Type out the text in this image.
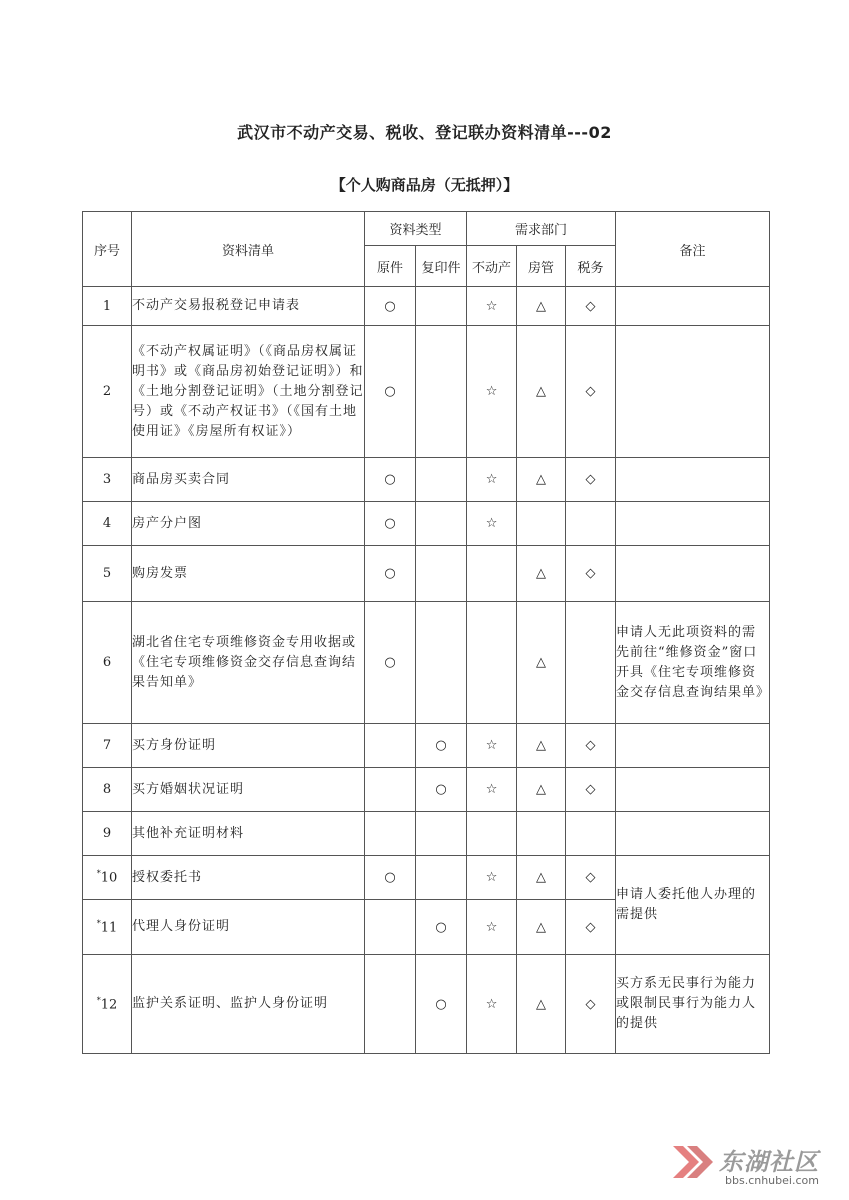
武汉市不动产交易、税收、登记联办资料清单---02
【个人购商品房（无抵押）】
序号	资料清单	资料类型		需求部门			备注
		原件	复印件	不动产	房管	税务	
1	不动产交易报税登记申请表	○		☆	△	◇	
2	《不动产权属证明》（《商品房权属证明书》或《商品房初始登记证明》）和《土地分割登记证明》（土地分割登记号）或《不动产权证书》（《国有土地使用证》《房屋所有权证》）	○		☆	△	◇	
3	商品房买卖合同	○		☆	△	◇	
4	房产分户图	○		☆			
5	购房发票	○			△	◇	
6	湖北省住宅专项维修资金专用收据或《住宅专项维修资金交存信息查询结果告知单》	○			△		申请人无此项资料的需先前往“维修资金”窗口开具《住宅专项维修资金交存信息查询结果单》
7	买方身份证明		○	☆	△	◇	
8	买方婚姻状况证明		○	☆	△	◇	
9	其他补充证明材料						
*10	授权委托书	○		☆	△	◇	申请人委托他人办理的需提供
*11	代理人身份证明		○	☆	△	◇	
*12	监护关系证明、监护人身份证明		○	☆	△	◇	买方系无民事行为能力或限制民事行为能力人的提供
东湖社区
bbs.cnhubei.com
